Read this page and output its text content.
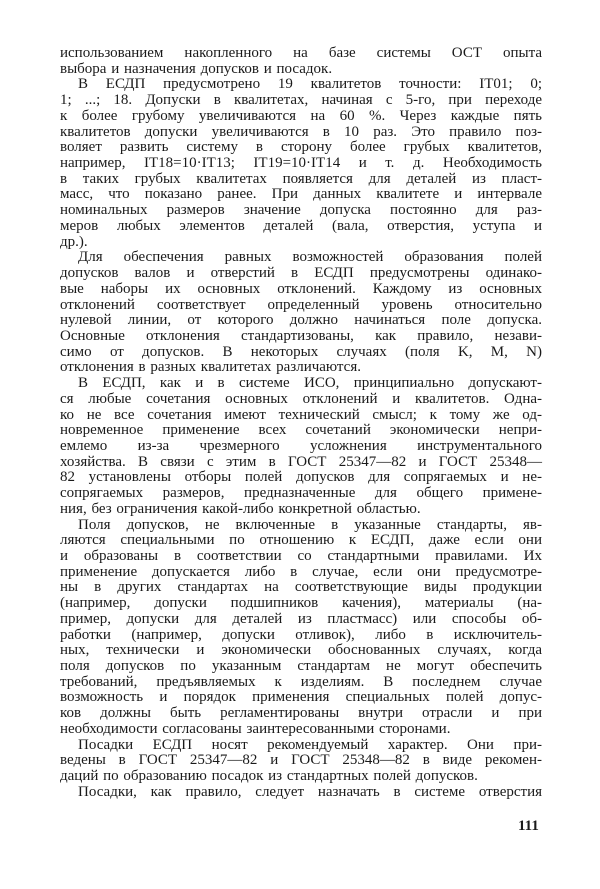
использованием накопленного на базе системы ОСТ опыта
выбора и назначения допусков и посадок.
В ЕСДП предусмотрено 19 квалитетов точности: IT01; 0;
1; ...; 18. Допуски в квалитетах, начиная с 5-го, при переходе
к более грубому увеличиваются на 60 %. Через каждые пять
квалитетов допуски увеличиваются в 10 раз. Это правило поз-
воляет развить систему в сторону более грубых квалитетов,
например, IT18=10·IT13; IT19=10·IT14 и т. д. Необходимость
в таких грубых квалитетах появляется для деталей из пласт-
масс, что показано ранее. При данных квалитете и интервале
номинальных размеров значение допуска постоянно для раз-
меров любых элементов деталей (вала, отверстия, уступа и
др.).
Для обеспечения равных возможностей образования полей
допусков валов и отверстий в ЕСДП предусмотрены одинако-
вые наборы их основных отклонений. Каждому из основных
отклонений соответствует определенный уровень относительно
нулевой линии, от которого должно начинаться поле допуска.
Основные отклонения стандартизованы, как правило, незави-
симо от допусков. В некоторых случаях (поля K, M, N)
отклонения в разных квалитетах различаются.
В ЕСДП, как и в системе ИСО, принципиально допускают-
ся любые сочетания основных отклонений и квалитетов. Одна-
ко не все сочетания имеют технический смысл; к тому же од-
новременное применение всех сочетаний экономически непри-
емлемо из-за чрезмерного усложнения инструментального
хозяйства. В связи с этим в ГОСТ 25347—82 и ГОСТ 25348—
82 установлены отборы полей допусков для сопрягаемых и не-
сопрягаемых размеров, предназначенные для общего примене-
ния, без ограничения какой-либо конкретной областью.
Поля допусков, не включенные в указанные стандарты, яв-
ляются специальными по отношению к ЕСДП, даже если они
и образованы в соответствии со стандартными правилами. Их
применение допускается либо в случае, если они предусмотре-
ны в других стандартах на соответствующие виды продукции
(например, допуски подшипников качения), материалы (на-
пример, допуски для деталей из пластмасс) или способы об-
работки (например, допуски отливок), либо в исключитель-
ных, технически и экономически обоснованных случаях, когда
поля допусков по указанным стандартам не могут обеспечить
требований, предъявляемых к изделиям. В последнем случае
возможность и порядок применения специальных полей допус-
ков должны быть регламентированы внутри отрасли и при
необходимости согласованы заинтересованными сторонами.
Посадки ЕСДП носят рекомендуемый характер. Они при-
ведены в ГОСТ 25347—82 и ГОСТ 25348—82 в виде рекомен-
даций по образованию посадок из стандартных полей допусков.
Посадки, как правило, следует назначать в системе отверстия
111
